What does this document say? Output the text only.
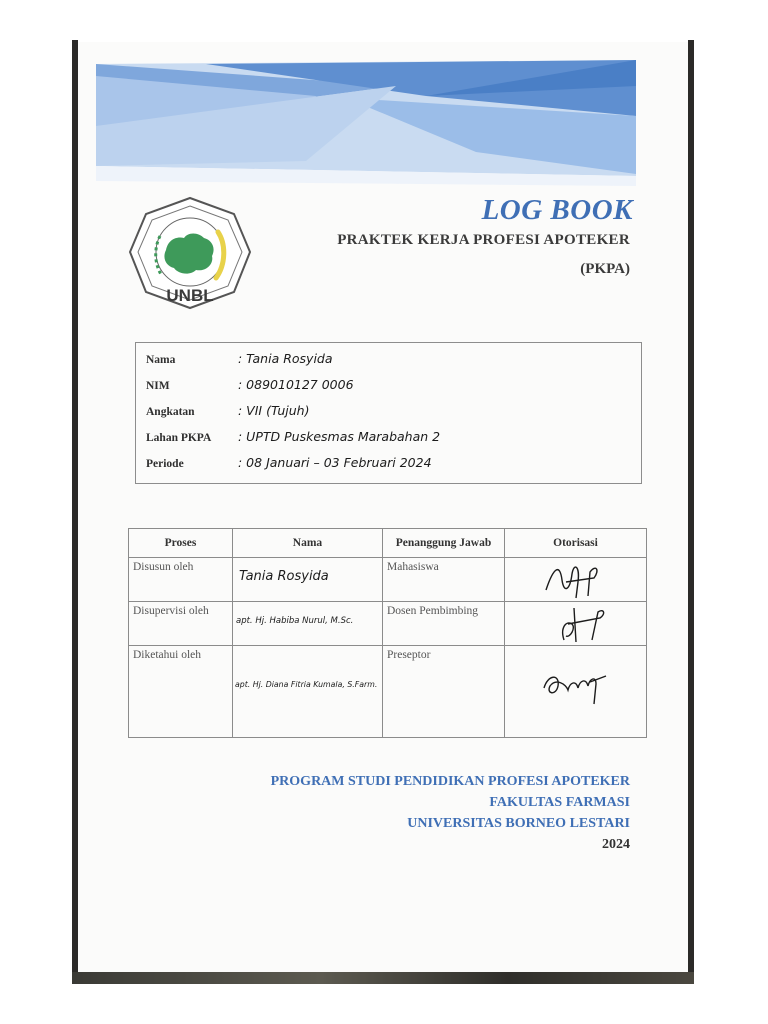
LOG BOOK
PRAKTEK KERJA PROFESI APOTEKER
(PKPA)
UNBL
Nama	: Tania Rosyida
NIM	: 089010127 0006
Angkatan	: VII (Tujuh)
Lahan PKPA : UPTD Puskesmas Marabahan 2
Periode	: 08 Januari – 03 Februari 2024
Proses	Nama	Penanggung Jawab	Otorisasi

Disusun oleh	Tania Rosyida	Mahasiswa

Disupervisi oleh	apt. Hj. Habiba Nurul, M.Sc.	Dosen Pembimbing

Diketahui oleh	apt. Hj. Diana Fitria Kumala, S.Farm.	Preseptor

PROGRAM STUDI PENDIDIKAN PROFESI APOTEKER
FAKULTAS FARMASI
UNIVERSITAS BORNEO LESTARI
2024
